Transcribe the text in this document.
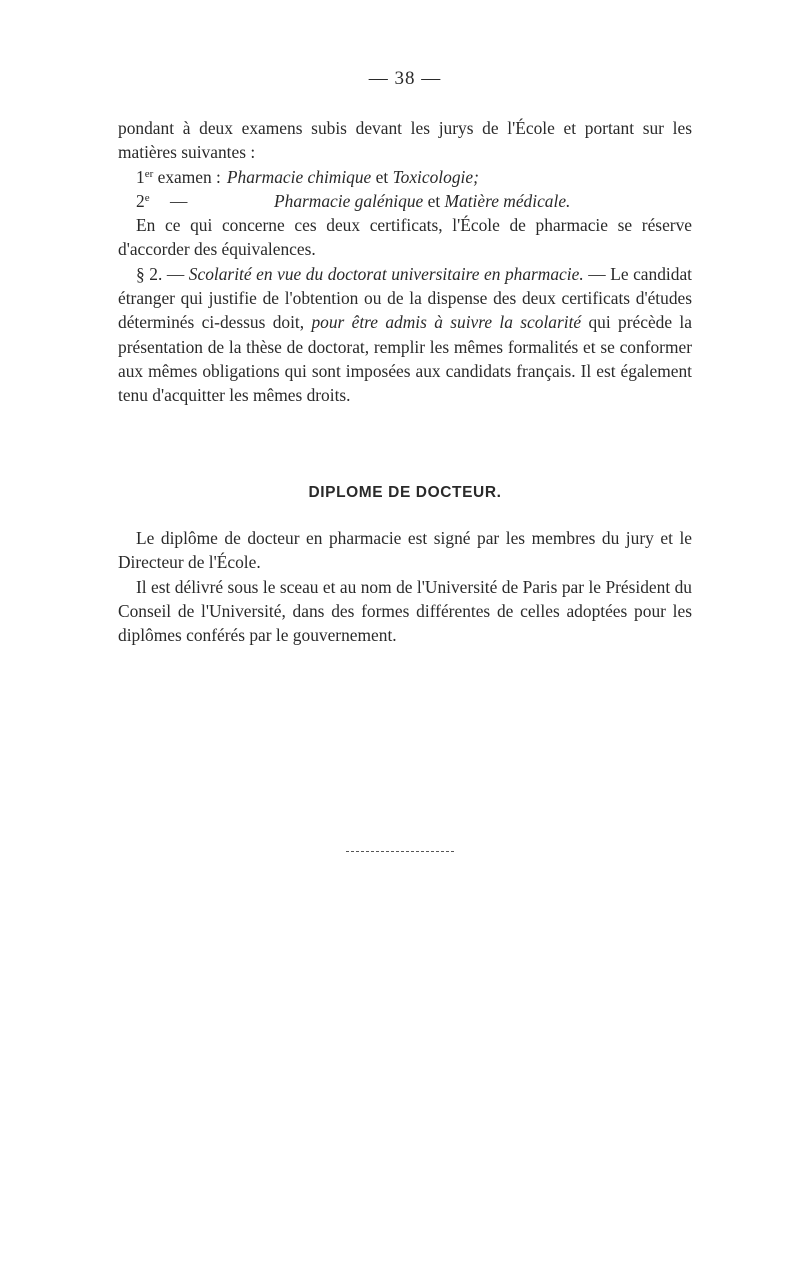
— 38 —

pondant à deux examens subis devant les jurys de l'École et portant sur les matières suivantes :

1er examen : Pharmacie chimique et Toxicologie;
2e	—	Pharmacie galénique et Matière médicale.

En ce qui concerne ces deux certificats, l'École de pharmacie se réserve d'accorder des équivalences.

§ 2. — Scolarité en vue du doctorat universitaire en pharmacie. — Le candidat étranger qui justifie de l'obtention ou de la dispense des deux certificats d'études déterminés ci-dessus doit, pour être admis à suivre la scolarité qui précède la présentation de la thèse de doctorat, remplir les mêmes formalités et se conformer aux mêmes obligations qui sont imposées aux candidats français. Il est également tenu d'acquitter les mêmes droits.

DIPLOME DE DOCTEUR.

Le diplôme de docteur en pharmacie est signé par les membres du jury et le Directeur de l'École.

Il est délivré sous le sceau et au nom de l'Université de Paris par le Président du Conseil de l'Université, dans des formes différentes de celles adoptées pour les diplômes conférés par le gouvernement.
